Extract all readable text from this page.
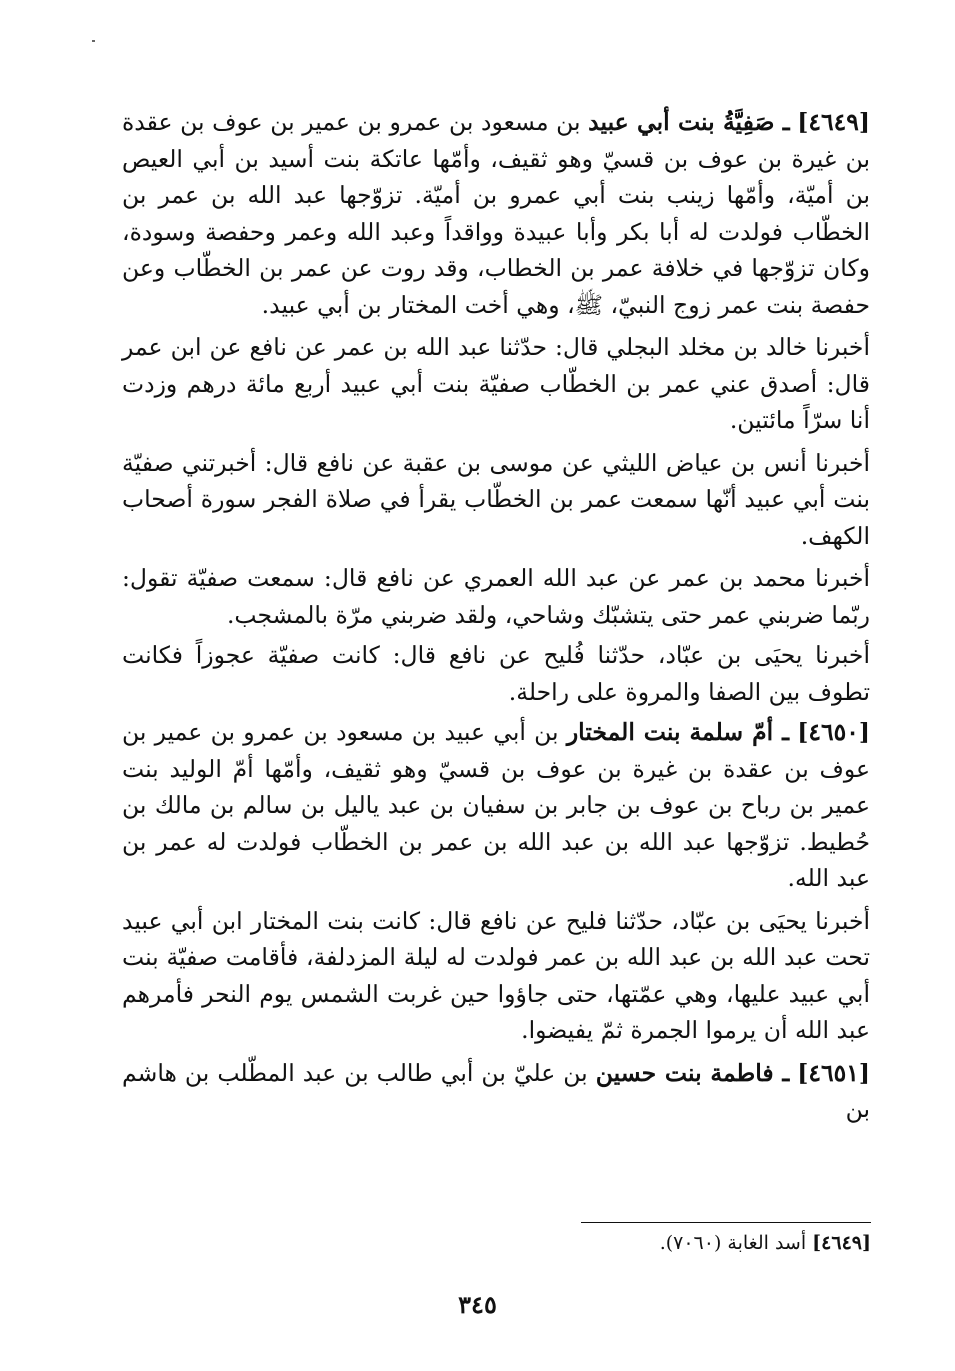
[٤٦٤٩] ـ صَفِيَّةُ بنت أبي عبيد بن مسعود بن عمرو بن عمير بن عوف بن عقدة بن غيرة بن عوف بن قسيّ وهو ثقيف، وأمّها عاتكة بنت أسيد بن أبي العيص بن أميّة، وأمّها زينب بنت أبي عمرو بن أميّة. تزوّجها عبد الله بن عمر بن الخطّاب فولدت له أبا بكر وأبا عبيدة وواقداً وعبد الله وعمر وحفصة وسودة، وكان تزوّجها في خلافة عمر بن الخطاب، وقد روت عن عمر بن الخطّاب وعن حفصة بنت عمر زوج النبيّ، ﷺ، وهي أخت المختار بن أبي عبيد.

أخبرنا خالد بن مخلد البجلي قال: حدّثنا عبد الله بن عمر عن نافع عن ابن عمر قال: أصدق عني عمر بن الخطّاب صفيّة بنت أبي عبيد أربع مائة درهم وزدت أنا سرّاً مائتين.

أخبرنا أنس بن عياض الليثي عن موسى بن عقبة عن نافع قال: أخبرتني صفيّة بنت أبي عبيد أنّها سمعت عمر بن الخطّاب يقرأ في صلاة الفجر سورة أصحاب الكهف.

أخبرنا محمد بن عمر عن عبد الله العمري عن نافع قال: سمعت صفيّة تقول: ربّما ضربني عمر حتى يتشبّك وشاحي، ولقد ضربني مرّة بالمشجب.

أخبرنا يحيَى بن عبّاد، حدّثنا فُليح عن نافع قال: كانت صفيّة عجوزاً فكانت تطوف بين الصفا والمروة على راحلة.

[٤٦٥٠] ـ أمّ سلمة بنت المختار بن أبي عبيد بن مسعود بن عمرو بن عمير بن عوف بن عقدة بن غيرة بن عوف بن قسيّ وهو ثقيف، وأمّها أمّ الوليد بنت عمير بن رباح بن عوف بن جابر بن سفيان بن عبد ياليل بن سالم بن مالك بن حُطيط. تزوّجها عبد الله بن عبد الله بن عمر بن الخطّاب فولدت له عمر بن عبد الله.

أخبرنا يحيَى بن عبّاد، حدّثنا فليح عن نافع قال: كانت بنت المختار ابن أبي عبيد تحت عبد الله بن عبد الله بن عمر فولدت له ليلة المزدلفة، فأقامت صفيّة بنت أبي عبيد عليها، وهي عمّتها، حتى جاؤوا حين غربت الشمس يوم النحر فأمرهم عبد الله أن يرموا الجمرة ثمّ يفيضوا.

[٤٦٥١] ـ فاطمة بنت حسين بن عليّ بن أبي طالب بن عبد المطّلب بن هاشم بن

[٤٦٤٩] أسد الغابة (٧٠٦٠).
٣٤٥
